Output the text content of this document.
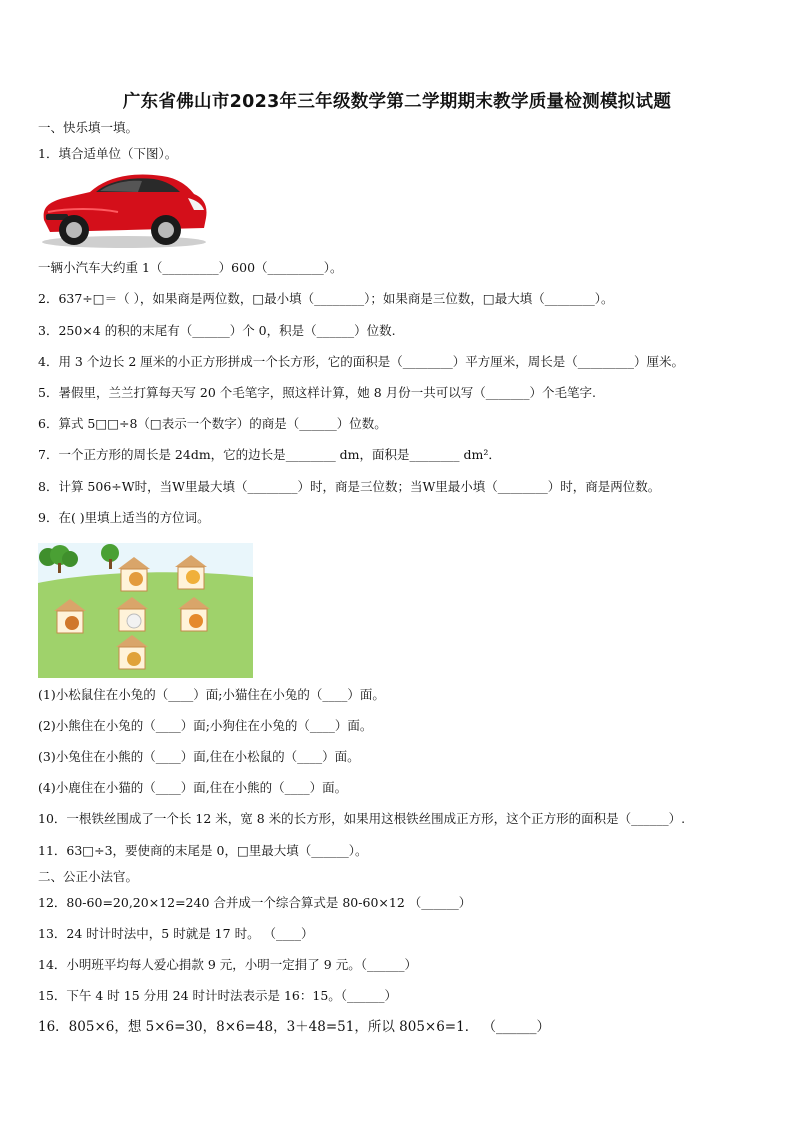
广东省佛山市2023年三年级数学第二学期期末教学质量检测模拟试题
一、快乐填一填。
1．填合适单位（下图）。
一辆小汽车大约重 1（_________）600（_________）。
2．637÷□＝（ ），如果商是两位数，□最小填（________）；如果商是三位数，□最大填（________）。
3．250×4 的积的末尾有（______）个 0，积是（______）位数.
4．用 3 个边长 2 厘米的小正方形拼成一个长方形，它的面积是（________）平方厘米，周长是（_________）厘米。
5．暑假里，兰兰打算每天写 20 个毛笔字，照这样计算，她 8 月份一共可以写（_______）个毛笔字.
6．算式 5□□÷8（□表示一个数字）的商是（______）位数。
7．一个正方形的周长是 24dm，它的边长是________ dm，面积是________ dm²．
8．计算 506÷W时，当W里最大填（________）时，商是三位数；当W里最小填（________）时，商是两位数。
9．在( )里填上适当的方位词。
(1)小松鼠住在小兔的（____）面;小猫住在小兔的（____）面。
(2)小熊住在小兔的（____）面;小狗住在小兔的（____）面。
(3)小兔住在小熊的（____）面,住在小松鼠的（____）面。
(4)小鹿住在小猫的（____）面,住在小熊的（____）面。
10．一根铁丝围成了一个长 12 米，宽 8 米的长方形，如果用这根铁丝围成正方形，这个正方形的面积是（______）.
11．63□÷3，要使商的末尾是 0，□里最大填（______）。
二、公正小法官。
12．80-60=20,20×12=240 合并成一个综合算式是 80-60×12 （______）
13．24 时计时法中，5 时就是 17 时。 （____）
14．小明班平均每人爱心捐款 9 元，小明一定捐了 9 元。（______）
15．下午 4 时 15 分用 24 时计时法表示是 16：15。（______）
16．805×6，想 5×6=30，8×6=48，3＋48=51，所以 805×6=1． （______）
